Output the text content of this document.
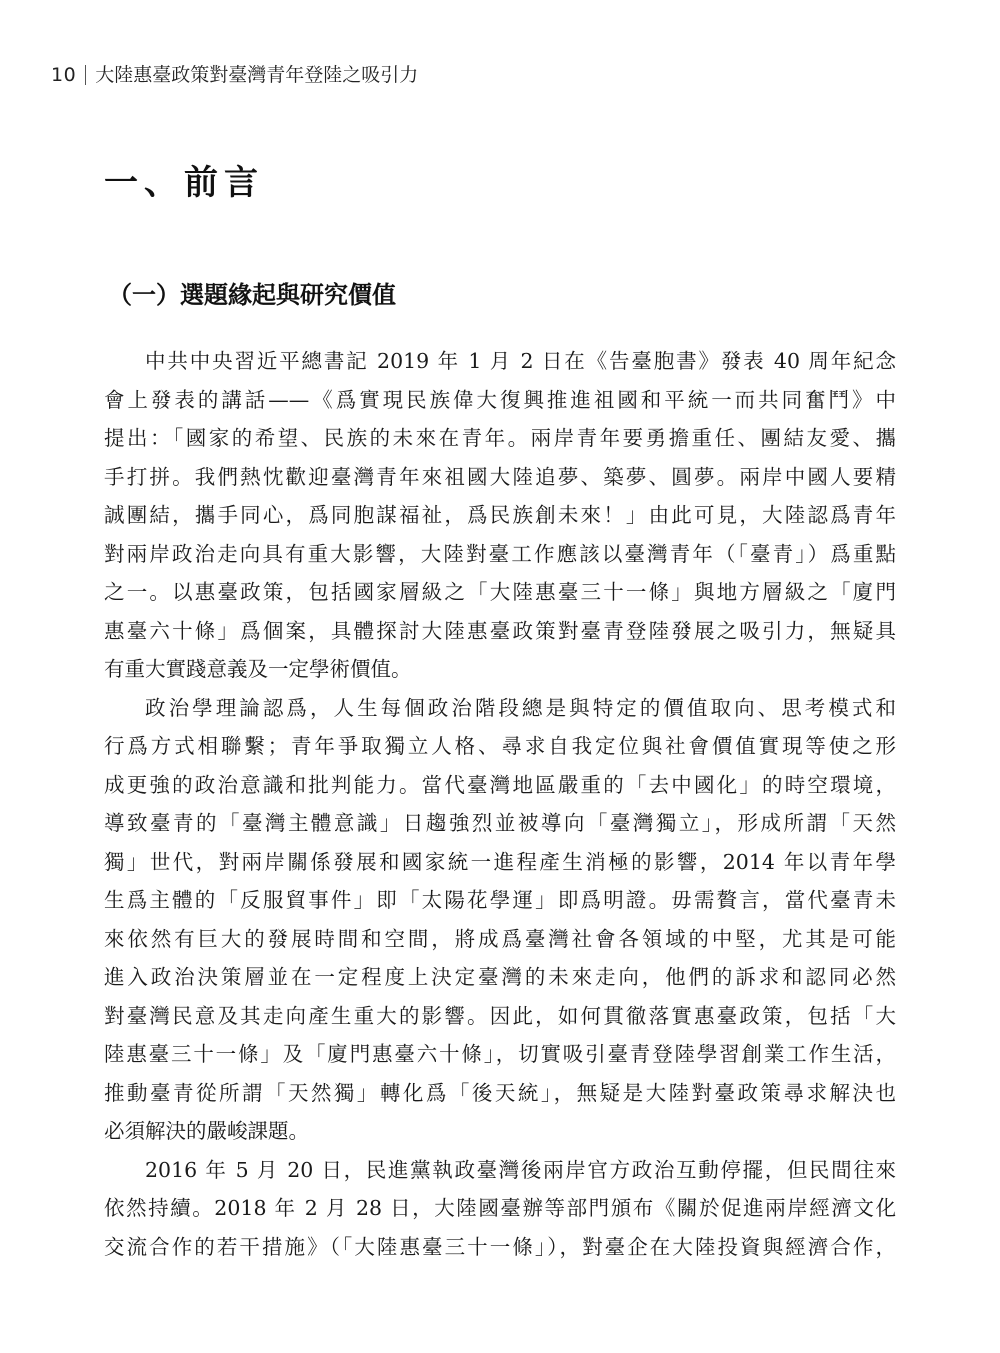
10 大陸惠臺政策對臺灣青年登陸之吸引力
一、前言
（一）選題緣起與研究價值
中共中央習近平總書記 2019 年 1 月 2 日在《告臺胞書》發表 40 周年紀念
會上發表的講話——《爲實現民族偉大復興推進祖國和平統一而共同奮鬥》中
提出：「國家的希望、民族的未來在青年。兩岸青年要勇擔重任、團結友愛、攜
手打拼。我們熱忱歡迎臺灣青年來祖國大陸追夢、築夢、圓夢。兩岸中國人要精
誠團結，攜手同心，爲同胞謀福祉，爲民族創未來！」由此可見，大陸認爲青年
對兩岸政治走向具有重大影響，大陸對臺工作應該以臺灣青年（「臺青」）爲重點
之一。以惠臺政策，包括國家層級之「大陸惠臺三十一條」與地方層級之「廈門
惠臺六十條」爲個案，具體探討大陸惠臺政策對臺青登陸發展之吸引力，無疑具
有重大實踐意義及一定學術價值。
政治學理論認爲，人生每個政治階段總是與特定的價值取向、思考模式和
行爲方式相聯繫；青年爭取獨立人格、尋求自我定位與社會價值實現等使之形
成更強的政治意識和批判能力。當代臺灣地區嚴重的「去中國化」的時空環境，
導致臺青的「臺灣主體意識」日趨強烈並被導向「臺灣獨立」，形成所謂「天然
獨」世代，對兩岸關係發展和國家統一進程產生消極的影響，2014 年以青年學
生爲主體的「反服貿事件」即「太陽花學運」即爲明證。毋需贅言，當代臺青未
來依然有巨大的發展時間和空間，將成爲臺灣社會各領域的中堅，尤其是可能
進入政治決策層並在一定程度上決定臺灣的未來走向，他們的訴求和認同必然
對臺灣民意及其走向產生重大的影響。因此，如何貫徹落實惠臺政策，包括「大
陸惠臺三十一條」及「廈門惠臺六十條」，切實吸引臺青登陸學習創業工作生活，
推動臺青從所謂「天然獨」轉化爲「後天統」，無疑是大陸對臺政策尋求解決也
必須解決的嚴峻課題。
2016 年 5 月 20 日，民進黨執政臺灣後兩岸官方政治互動停擺，但民間往來
依然持續。2018 年 2 月 28 日，大陸國臺辦等部門頒布《關於促進兩岸經濟文化
交流合作的若干措施》（「大陸惠臺三十一條」），對臺企在大陸投資與經濟合作，
